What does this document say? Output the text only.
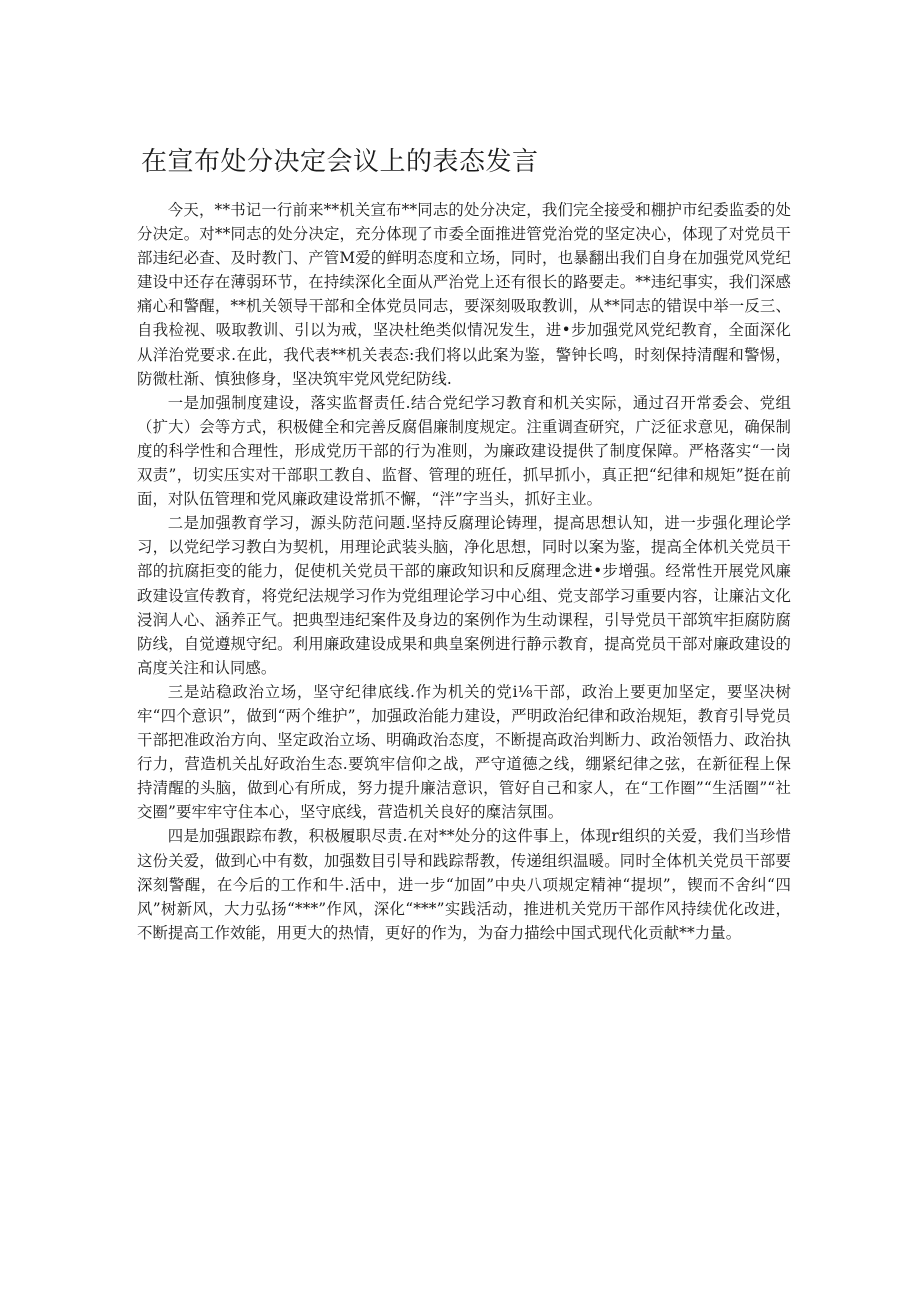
在宣布处分决定会议上的表态发言

今天，**书记一行前来**机关宣布**同志的处分决定，我们完全接受和棚护市纪委监委的处分决定。对**同志的处分决定，充分体现了市委全面推进管党治党的坚定决心，体现了对党员干部违纪必查、及时教门、产管M爱的鲜明态度和立场，同时，也暴翻出我们自身在加强党风党纪建设中还存在薄弱环节，在持续深化全面从严治党上还有很长的路要走。**违纪事实，我们深感痛心和警醒，**机关领导干部和全体党员同志，要深刻吸取教训，从**同志的错误中举一反三、自我检视、吸取教训、引以为戒，坚决杜绝类似情况发生，进•步加强党风党纪教育，全面深化从洋治党要求.在此，我代表**机关表态:我们将以此案为鉴，警钟长鸣，时刻保持清醒和警惕，防微杜渐、慎独修身，坚决筑牢党风党纪防线.

一是加强制度建设，落实监督责任.结合党纪学习教育和机关实际，通过召开常委会、党组（扩大）会等方式，积极健全和完善反腐倡廉制度规定。注重调查研究，广泛征求意见，确保制度的科学性和合理性，形成党历干部的行为准则，为廉政建设提供了制度保障。严格落实“一岗双责”，切实压实对干部职工教自、监督、管理的班任，抓早抓小，真正把“纪律和规矩”挺在前面，对队伍管理和党风廉政建设常抓不懈，“泮”字当头，抓好主业。

二是加强教育学习，源头防范问题.坚持反腐理论铸理，提高思想认知，进一步强化理论学习，以党纪学习教白为契机，用理论武装头脑，净化思想，同时以案为鉴，提高全体机关党员干部的抗腐拒变的能力，促使机关党员干部的廉政知识和反腐理念进•步增强。经常性开展党风廉政建设宣传教育，将党纪法规学习作为党组理论学习中心组、党支部学习重要内容，让廉沾文化浸润人心、涵养正气。把典型违纪案件及身边的案例作为生动课程，引导党员干部筑牢拒腐防腐防线，自觉遵规守纪。利用廉政建设成果和典皇案例进行静示教育，提高党员干部对廉政建设的高度关注和认同感。

三是站稳政治立场，坚守纪律底线.作为机关的党i⅛干部，政治上要更加坚定，要坚决树牢“四个意识”，做到“两个维护”，加强政治能力建设，严明政治纪律和政治规矩，教育引导党员干部把准政治方向、坚定政治立场、明确政治态度，不断提高政治判断力、政治领悟力、政治执行力，营造机关乩好政治生态.要筑牢信仰之战，严守道德之线，绷紧纪律之弦，在新征程上保持清醒的头脑，做到心有所成，努力提升廉洁意识，管好自己和家人，在“工作圈”“生活圈”“社交圈”要牢牢守住本心，坚守底线，营造机关良好的糜洁氛围。

四是加强跟踪布教，积极履职尽责.在对**处分的这件事上，体现r组织的关爱，我们当珍惜这份关爱，做到心中有数，加强数目引导和践踪帮教，传递组织温暖。同时全体机关党员干部要深刻警醒，在今后的工作和牛.活中，进一步“加固”中央八项规定精神“提坝”，锲而不舍纠“四风”树新风，大力弘扬“***”作风，深化“***”实践活动，推进机关党历干部作风持续优化改进，不断提高工作效能，用更大的热情，更好的作为，为奋力描绘中国式现代化贡献**力量。
